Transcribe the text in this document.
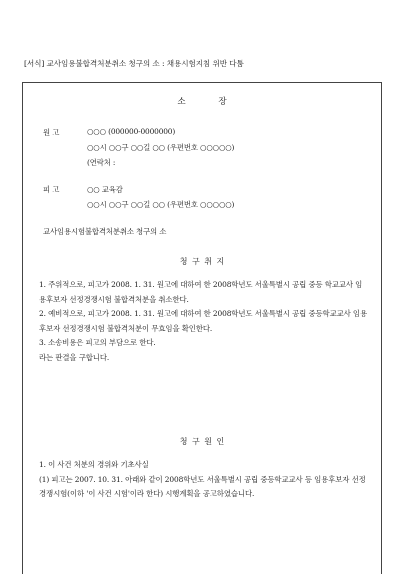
[서식] 교사임용불합격처분취소 청구의 소 : 채용시험지침 위반 다툼
소 장
원 고	○○○ (000000-0000000)
○○시 ○○구 ○○길 ○○ (우편번호 ○○○○○)
(연락처 :
피 고	○○ 교육감
○○시 ○○구 ○○길 ○○ (우편번호 ○○○○○)
교사임용시험불합격처분취소 청구의 소
청 구 취 지

1. 주위적으로, 피고가 2008. 1. 31. 원고에 대하여 한 2008학년도 서울특별시 공립 중등 학교교사 임용후보자 선정경쟁시험 불합격처분을 취소한다.

2. 예비적으로, 피고가 2008. 1. 31. 원고에 대하여 한 2008학년도 서울특별시 공립 중등학교교사 임용후보자 선정경쟁시험 불합격처분이 무효임을 확인한다.

3. 소송비용은 피고의 부담으로 한다.

라는 판결을 구합니다.

청 구 원 인

1. 이 사건 처분의 경위와 기초사실

(1) 피고는 2007. 10. 31. 아래와 같이 2008학년도 서울특별시 공립 중등학교교사 등 임용후보자 선정경쟁시험(이하 '이 사건 시험'이라 한다) 시행계획을 공고하였습니다.
